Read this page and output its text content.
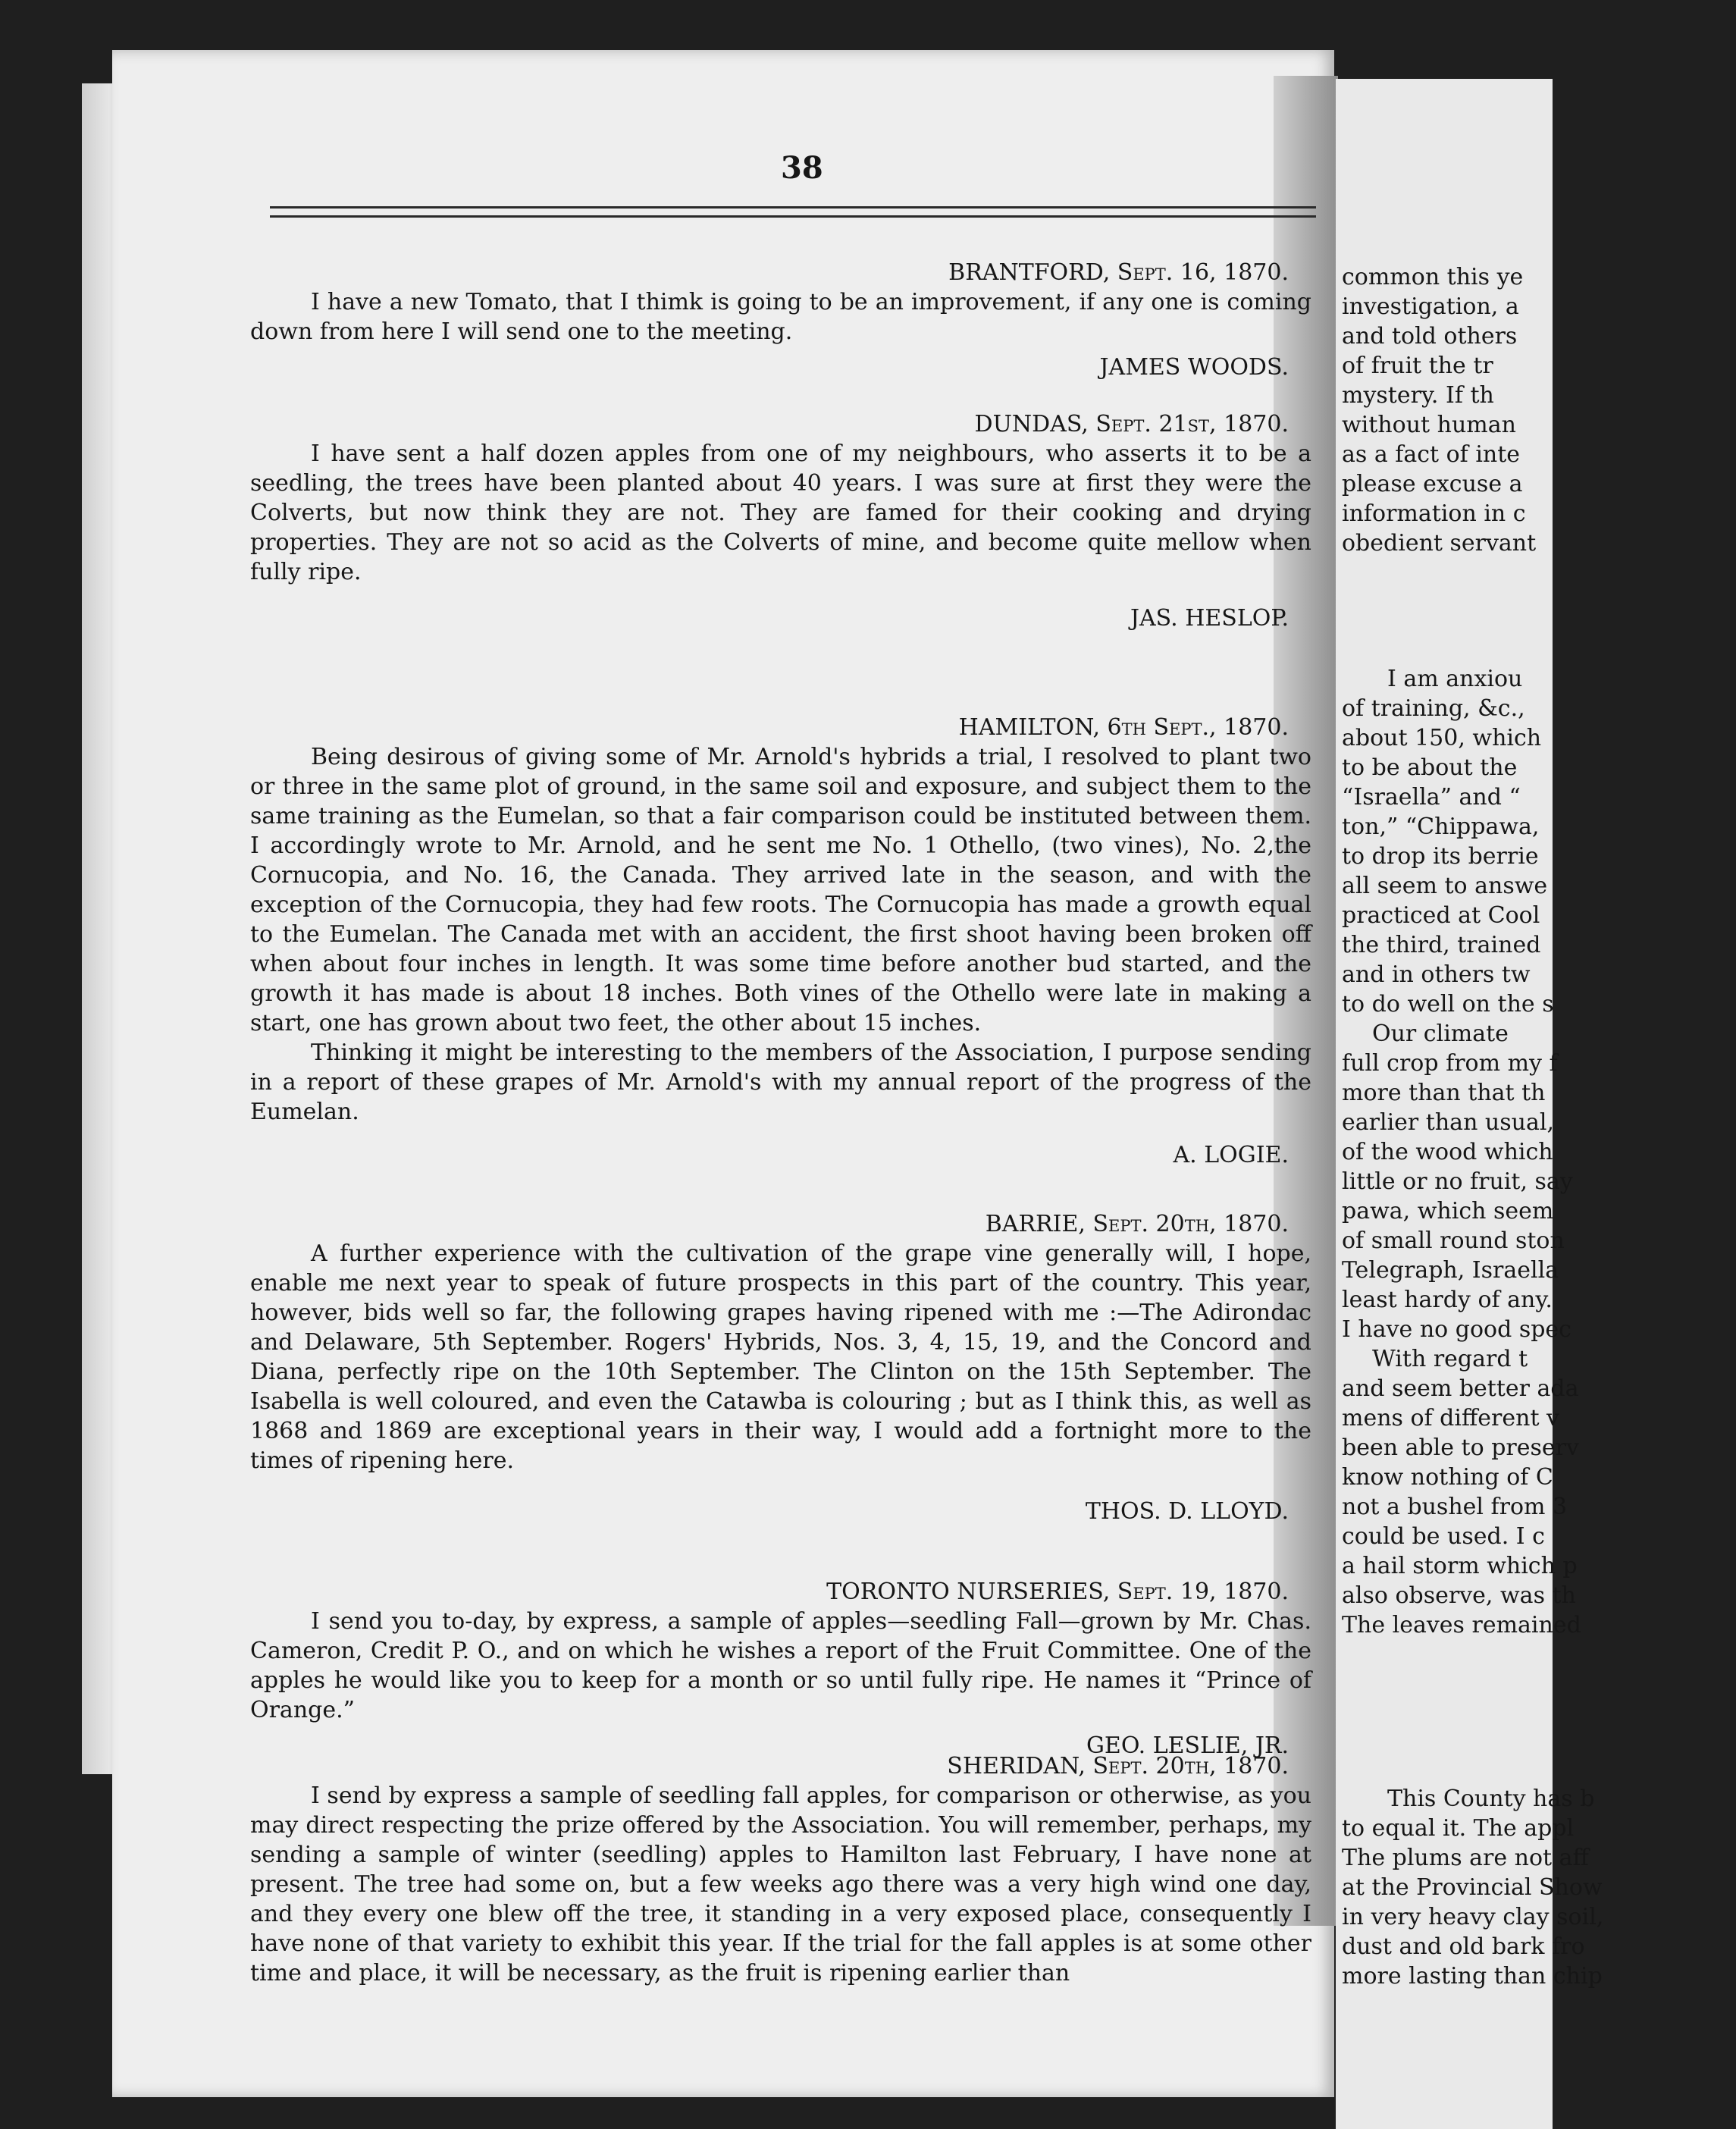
38
BRANTFORD, Sept. 16, 1870.

I have a new Tomato, that I thimk is going to be an improvement, if any one is coming down from here I will send one to the meeting.

JAMES WOODS.
DUNDAS, Sept. 21st, 1870.

I have sent a half dozen apples from one of my neighbours, who asserts it to be a seedling, the trees have been planted about 40 years. I was sure at first they were the Colverts, but now think they are not. They are famed for their cooking and drying properties. They are not so acid as the Colverts of mine, and become quite mellow when fully ripe.

JAS. HESLOP.
HAMILTON, 6th Sept., 1870.

Being desirous of giving some of Mr. Arnold's hybrids a trial, I resolved to plant two or three in the same plot of ground, in the same soil and exposure, and subject them to the same training as the Eumelan, so that a fair comparison could be instituted between them. I accordingly wrote to Mr. Arnold, and he sent me No. 1 Othello, (two vines), No. 2,the Cornucopia, and No. 16, the Canada. They arrived late in the season, and with the exception of the Cornucopia, they had few roots. The Cornucopia has made a growth equal to the Eumelan. The Canada met with an accident, the first shoot having been broken off when about four inches in length. It was some time before another bud started, and the growth it has made is about 18 inches. Both vines of the Othello were late in making a start, one has grown about two feet, the other about 15 inches.

Thinking it might be interesting to the members of the Association, I purpose sending in a report of these grapes of Mr. Arnold's with my annual report of the progress of the Eumelan.

A. LOGIE.
BARRIE, Sept. 20th, 1870.

A further experience with the cultivation of the grape vine generally will, I hope, enable me next year to speak of future prospects in this part of the country. This year, however, bids well so far, the following grapes having ripened with me :—The Adirondac and Delaware, 5th September. Rogers' Hybrids, Nos. 3, 4, 15, 19, and the Concord and Diana, perfectly ripe on the 10th September. The Clinton on the 15th September. The Isabella is well coloured, and even the Catawba is colouring ; but as I think this, as well as 1868 and 1869 are exceptional years in their way, I would add a fortnight more to the times of ripening here.

THOS. D. LLOYD.
TORONTO NURSERIES, Sept. 19, 1870.

I send you to-day, by express, a sample of apples—seedling Fall—grown by Mr. Chas. Cameron, Credit P. O., and on which he wishes a report of the Fruit Committee. One of the apples he would like you to keep for a month or so until fully ripe. He names it “Prince of Orange.”

GEO. LESLIE, JR.
SHERIDAN, Sept. 20th, 1870.

I send by express a sample of seedling fall apples, for comparison or otherwise, as you may direct respecting the prize offered by the Association. You will remember, perhaps, my sending a sample of winter (seedling) apples to Hamilton last February, I have none at present. The tree had some on, but a few weeks ago there was a very high wind one day, and they every one blew off the tree, it standing in a very exposed place, consequently I have none of that variety to exhibit this year. If the trial for the fall apples is at some other time and place, it will be necessary, as the fruit is ripening earlier than

common this ye
investigation, a
and told others
of fruit the tr
mystery. If th
without human
as a fact of inte
please excuse a
information in c
obedient servant
I am anxiou
of training, &c.,
about 150, which
to be about the
“Israella” and “
ton,” “Chippawa,
to drop its berrie
all seem to answe
practiced at Cool
the third, trained
and in others tw
to do well on the s
Our climate
full crop from my f
more than that th
earlier than usual,
of the wood which
little or no fruit, say
pawa, which seem
of small round ston
Telegraph, Israella
least hardy of any.
I have no good spec
With regard t
and seem better ada
mens of different v
been able to preserv
know nothing of C
not a bushel from 3
could be used. I c
a hail storm which p
also observe, was th
The leaves remained
This County has b
to equal it. The appl
The plums are not aff
at the Provincial Show
in very heavy clay soil,
dust and old bark fro
more lasting than chip
